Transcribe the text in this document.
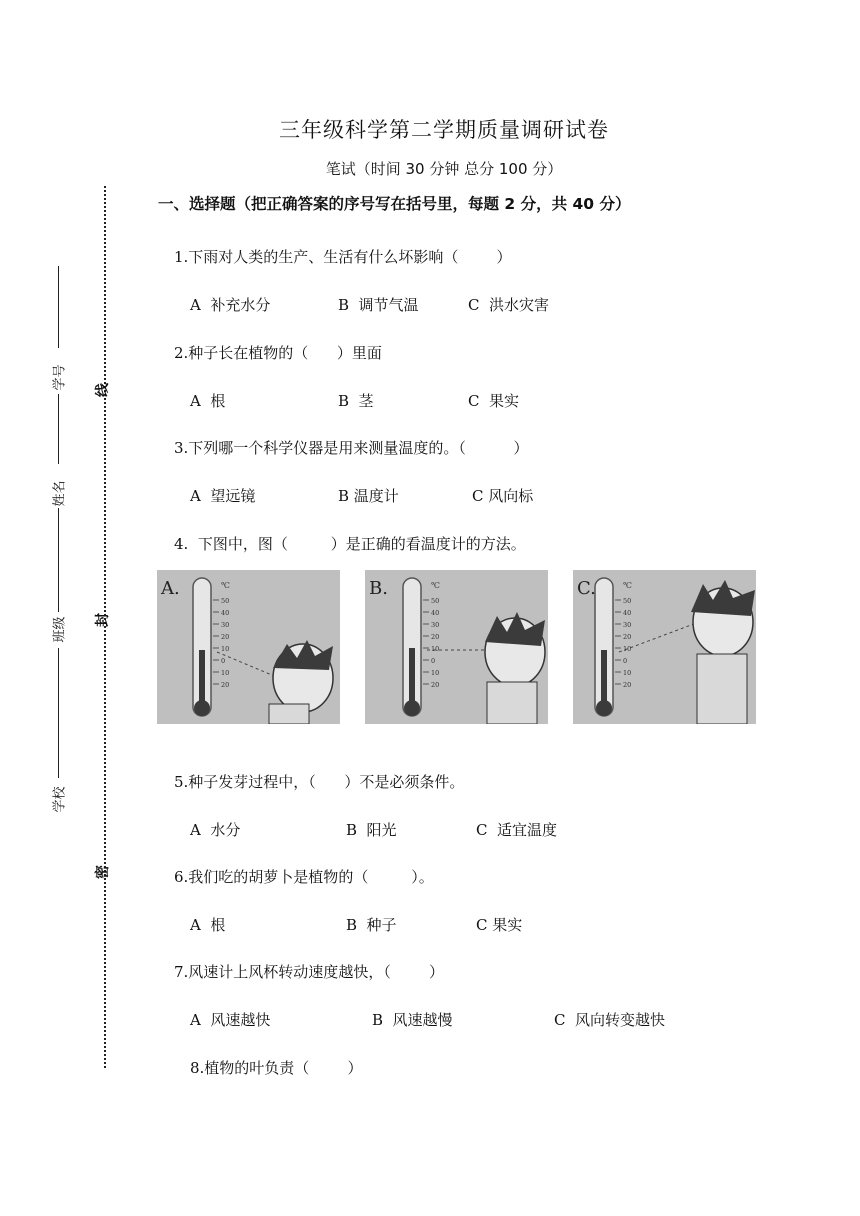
三年级科学第二学期质量调研试卷
笔试（时间 30 分钟 总分 100 分）
一、选择题（把正确答案的序号写在括号里，每题 2 分，共 40 分）
线
封
密
学号
姓名
班级
学校
1.下雨对人类的生产、生活有什么坏影响（        ）
A  补充水分	B  调节气温	C  洪水灾害
2.种子长在植物的（      ）里面
A  根	B  茎	C  果实
3.下列哪一个科学仪器是用来测量温度的。（          ）
A  望远镜	B 温度计	C 风向标
4.  下图中，图（         ）是正确的看温度计的方法。
℃
50
40
30
20
10
0
10
20
A.	℃
50
40
30
20
10
0
10
20
B.	℃
50
40
30
20
10
0
10
20
C.
5.种子发芽过程中，（      ）不是必须条件。
A  水分	B  阳光	C  适宜温度
6.我们吃的胡萝卜是植物的（         ）。
A  根	B  种子	C 果实
7.风速计上风杯转动速度越快，（        ）
A  风速越快	B  风速越慢	C  风向转变越快
8.植物的叶负责（        ）
